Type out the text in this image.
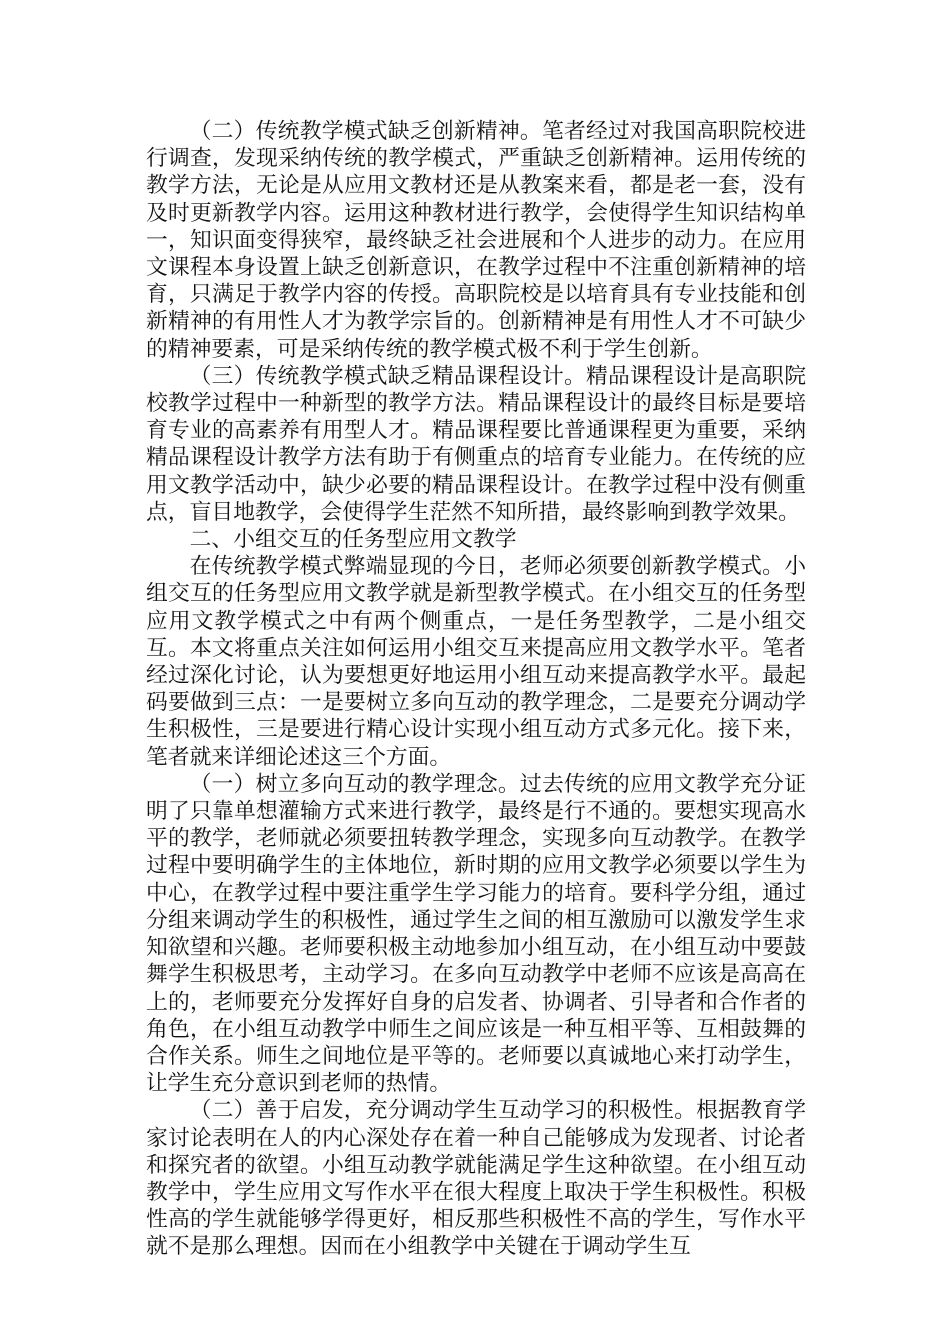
（二）传统教学模式缺乏创新精神。笔者经过对我国高职院校进行调查，发现采纳传统的教学模式，严重缺乏创新精神。运用传统的教学方法，无论是从应用文教材还是从教案来看，都是老一套，没有及时更新教学内容。运用这种教材进行教学，会使得学生知识结构单一，知识面变得狭窄，最终缺乏社会进展和个人进步的动力。在应用文课程本身设置上缺乏创新意识，在教学过程中不注重创新精神的培育，只满足于教学内容的传授。高职院校是以培育具有专业技能和创新精神的有用性人才为教学宗旨的。创新精神是有用性人才不可缺少的精神要素，可是采纳传统的教学模式极不利于学生创新。

（三）传统教学模式缺乏精品课程设计。精品课程设计是高职院校教学过程中一种新型的教学方法。精品课程设计的最终目标是要培育专业的高素养有用型人才。精品课程要比普通课程更为重要，采纳精品课程设计教学方法有助于有侧重点的培育专业能力。在传统的应用文教学活动中，缺少必要的精品课程设计。在教学过程中没有侧重点，盲目地教学，会使得学生茫然不知所措，最终影响到教学效果。

二、小组交互的任务型应用文教学

在传统教学模式弊端显现的今日，老师必须要创新教学模式。小组交互的任务型应用文教学就是新型教学模式。在小组交互的任务型应用文教学模式之中有两个侧重点，一是任务型教学，二是小组交互。本文将重点关注如何运用小组交互来提高应用文教学水平。笔者经过深化讨论，认为要想更好地运用小组互动来提高教学水平。最起码要做到三点：一是要树立多向互动的教学理念，二是要充分调动学生积极性，三是要进行精心设计实现小组互动方式多元化。接下来，笔者就来详细论述这三个方面。

（一）树立多向互动的教学理念。过去传统的应用文教学充分证明了只靠单想灌输方式来进行教学，最终是行不通的。要想实现高水平的教学，老师就必须要扭转教学理念，实现多向互动教学。在教学过程中要明确学生的主体地位，新时期的应用文教学必须要以学生为中心，在教学过程中要注重学生学习能力的培育。要科学分组，通过分组来调动学生的积极性，通过学生之间的相互激励可以激发学生求知欲望和兴趣。老师要积极主动地参加小组互动，在小组互动中要鼓舞学生积极思考，主动学习。在多向互动教学中老师不应该是高高在上的，老师要充分发挥好自身的启发者、协调者、引导者和合作者的角色，在小组互动教学中师生之间应该是一种互相平等、互相鼓舞的合作关系。师生之间地位是平等的。老师要以真诚地心来打动学生，让学生充分意识到老师的热情。

（二）善于启发，充分调动学生互动学习的积极性。根据教育学家讨论表明在人的内心深处存在着一种自己能够成为发现者、讨论者和探究者的欲望。小组互动教学就能满足学生这种欲望。在小组互动教学中，学生应用文写作水平在很大程度上取决于学生积极性。积极性高的学生就能够学得更好，相反那些积极性不高的学生，写作水平就不是那么理想。因而在小组教学中关键在于调动学生互
